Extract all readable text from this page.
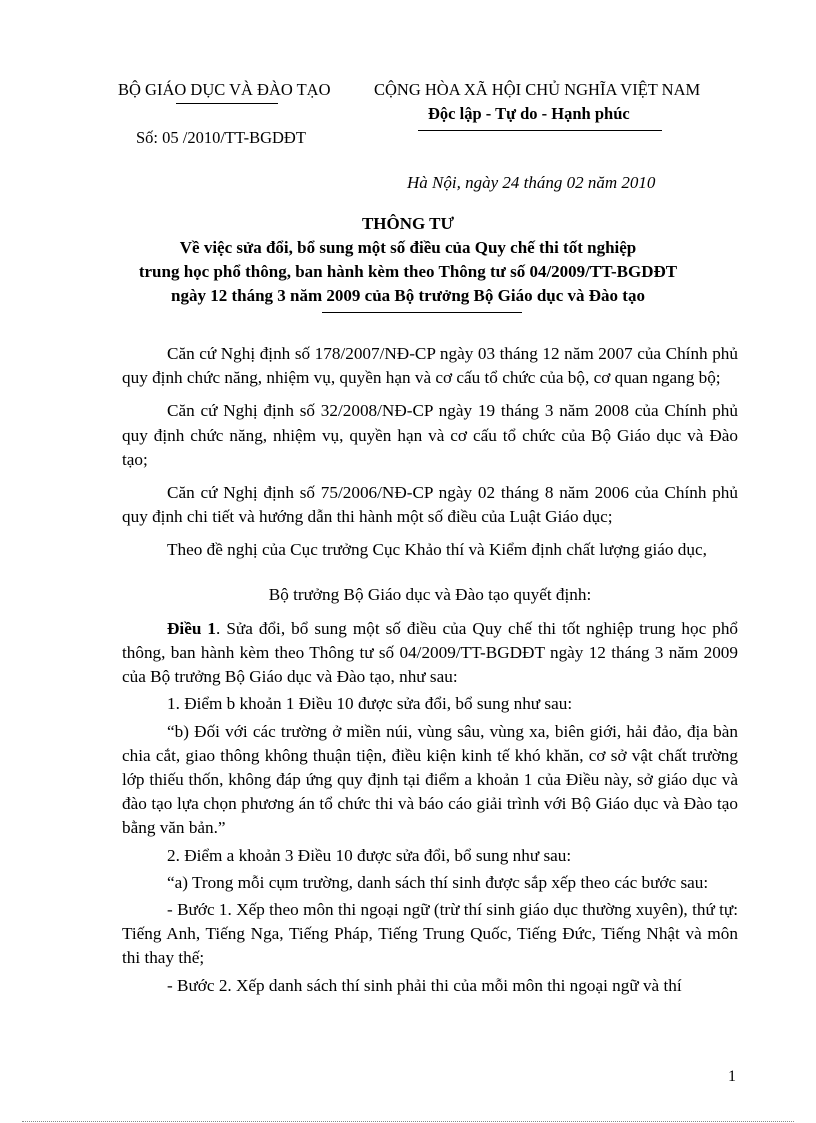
BỘ GIÁO DỤC VÀ ĐÀO TẠO
Số: 05 /2010/TT-BGDĐT
CỘNG HÒA XÃ HỘI CHỦ NGHĨA VIỆT NAM
Độc lập - Tự do - Hạnh phúc
Hà Nội, ngày 24 tháng 02 năm 2010
THÔNG TƯ
Về việc sửa đổi, bổ sung một số điều của Quy chế thi tốt nghiệp
trung học phổ thông, ban hành kèm theo Thông tư số 04/2009/TT-BGDĐT
ngày 12 tháng 3 năm 2009 của Bộ trưởng Bộ Giáo dục và Đào tạo

Căn cứ Nghị định số 178/2007/NĐ-CP ngày 03 tháng 12 năm 2007 của Chính phủ quy định chức năng, nhiệm vụ, quyền hạn và cơ cấu tổ chức của bộ, cơ quan ngang bộ;

Căn cứ Nghị định số 32/2008/NĐ-CP ngày 19 tháng 3 năm 2008 của Chính phủ quy định chức năng, nhiệm vụ, quyền hạn và cơ cấu tổ chức của Bộ Giáo dục và Đào tạo;

Căn cứ Nghị định số 75/2006/NĐ-CP ngày 02 tháng 8 năm 2006 của Chính phủ quy định chi tiết và hướng dẫn thi hành một số điều của Luật Giáo dục;

Theo đề nghị của Cục trưởng Cục Khảo thí và Kiểm định chất lượng giáo dục,

Bộ trưởng Bộ Giáo dục và Đào tạo quyết định:

Điều 1. Sửa đổi, bổ sung một số điều của Quy chế thi tốt nghiệp trung học phổ thông, ban hành kèm theo Thông tư số 04/2009/TT-BGDĐT ngày 12 tháng 3 năm 2009 của Bộ trưởng Bộ Giáo dục và Đào tạo, như sau:

1. Điểm b khoản 1 Điều 10 được sửa đổi, bổ sung như sau:

“b) Đối với các trường ở miền núi, vùng sâu, vùng xa, biên giới, hải đảo, địa bàn chia cắt, giao thông không thuận tiện, điều kiện kinh tế khó khăn, cơ sở vật chất trường lớp thiếu thốn, không đáp ứng quy định tại điểm a khoản 1 của Điều này, sở giáo dục và đào tạo lựa chọn phương án tổ chức thi và báo cáo giải trình với Bộ Giáo dục và Đào tạo bằng văn bản.”

2. Điểm a khoản 3 Điều 10 được sửa đổi, bổ sung như sau:

“a) Trong mỗi cụm trường, danh sách thí sinh được sắp xếp theo các bước sau:

- Bước 1. Xếp theo môn thi ngoại ngữ (trừ thí sinh giáo dục thường xuyên), thứ tự: Tiếng Anh, Tiếng Nga, Tiếng Pháp, Tiếng Trung Quốc, Tiếng Đức, Tiếng Nhật và môn thi thay thế;

- Bước 2. Xếp danh sách thí sinh phải thi của mỗi môn thi ngoại ngữ và thí

1
